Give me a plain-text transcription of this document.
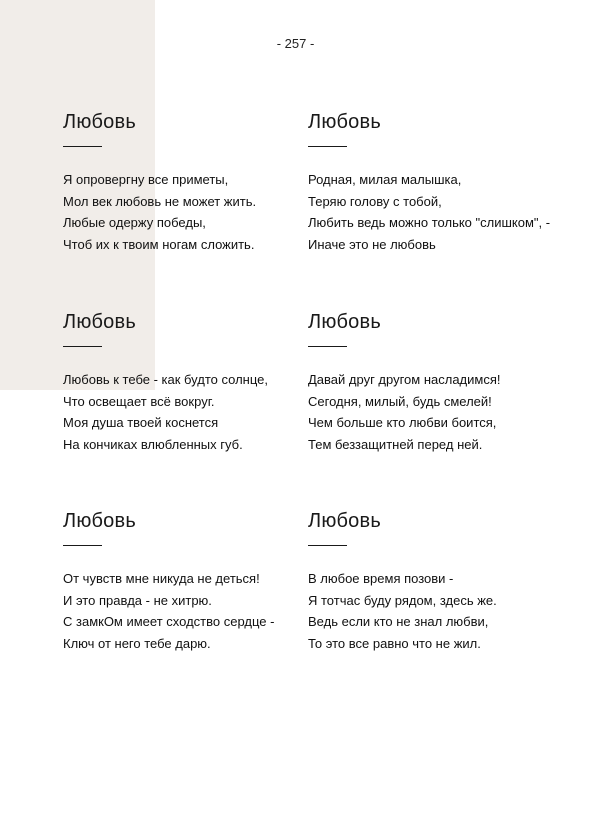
- 257 -
Любовь
Я опровергну все приметы,
Мол век любовь не может жить.
Любые одержу победы,
Чтоб их к твоим ногам сложить.
Любовь
Родная, милая малышка,
Теряю голову с тобой,
Любить ведь можно только "слишком", -
Иначе это не любовь
Любовь
Любовь к тебе - как будто солнце,
Что освещает всё вокруг.
Моя душа твоей коснется
На кончиках влюбленных губ.
Любовь
Давай друг другом насладимся!
Сегодня, милый, будь смелей!
Чем больше кто любви боится,
Тем беззащитней перед ней.
Любовь
От чувств мне никуда не деться!
И это правда - не хитрю.
С замкОм имеет сходство сердце -
Ключ от него тебе дарю.
Любовь
В любое время позови -
Я тотчас буду рядом, здесь же.
Ведь если кто не знал любви,
То это все равно что не жил.
